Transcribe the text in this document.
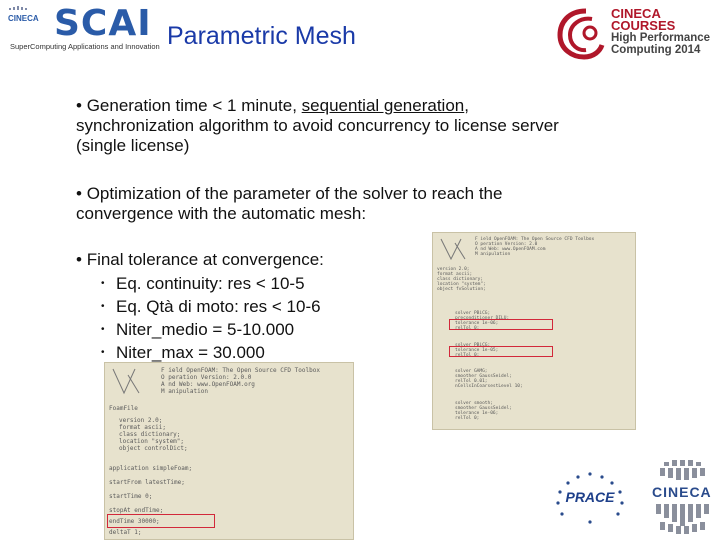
CINECA SCAI
SuperComputing Applications and Innovation Parametric Mesh
CINECA
COURSES
High Performance
Computing 2014
• Generation time < 1 minute, sequential generation,
synchronization algorithm to avoid concurrency to license server
(single license)
• Optimization of the parameter of the solver to reach the
convergence with the automatic mesh:
F ield OpenFOAM: The Open Source CFD Toolbox
O peration Version: 2.0
A nd Web: www.OpenFOAM.com
M anipulation
version 2.0;
format ascii;
class dictionary;
location "system";
object fvSolution;
solver PBiCG;
preconditioner DILU;
tolerance 1e-06;
relTol 0;
solver PBiCG;
tolerance 1e-05;
relTol 0;
solver GAMG;
smoother GaussSeidel;
relTol 0.01;
nCellsInCoarsestLevel 10;
solver smooth;
smoother GaussSeidel;
tolerance 1e-06;
relTol 0;
F ield OpenFOAM: The Open Source CFD Toolbox
O peration Version: 2.0.0
A nd Web: www.OpenFOAM.org
M anipulation
FoamFile
version 2.0;
format ascii;
class dictionary;
location "system";
object controlDict;
application simpleFoam;
startFrom latestTime;
startTime 0;
stopAt endTime;
endTime 30000;
deltaT 1;
• Final tolerance at convergence:
• Eq. continuity: res < 10-5
• Eq. Qtà di moto: res < 10-6
• Niter_medio = 5-10.000
• Niter_max = 30.000
PRACE	CINECA
